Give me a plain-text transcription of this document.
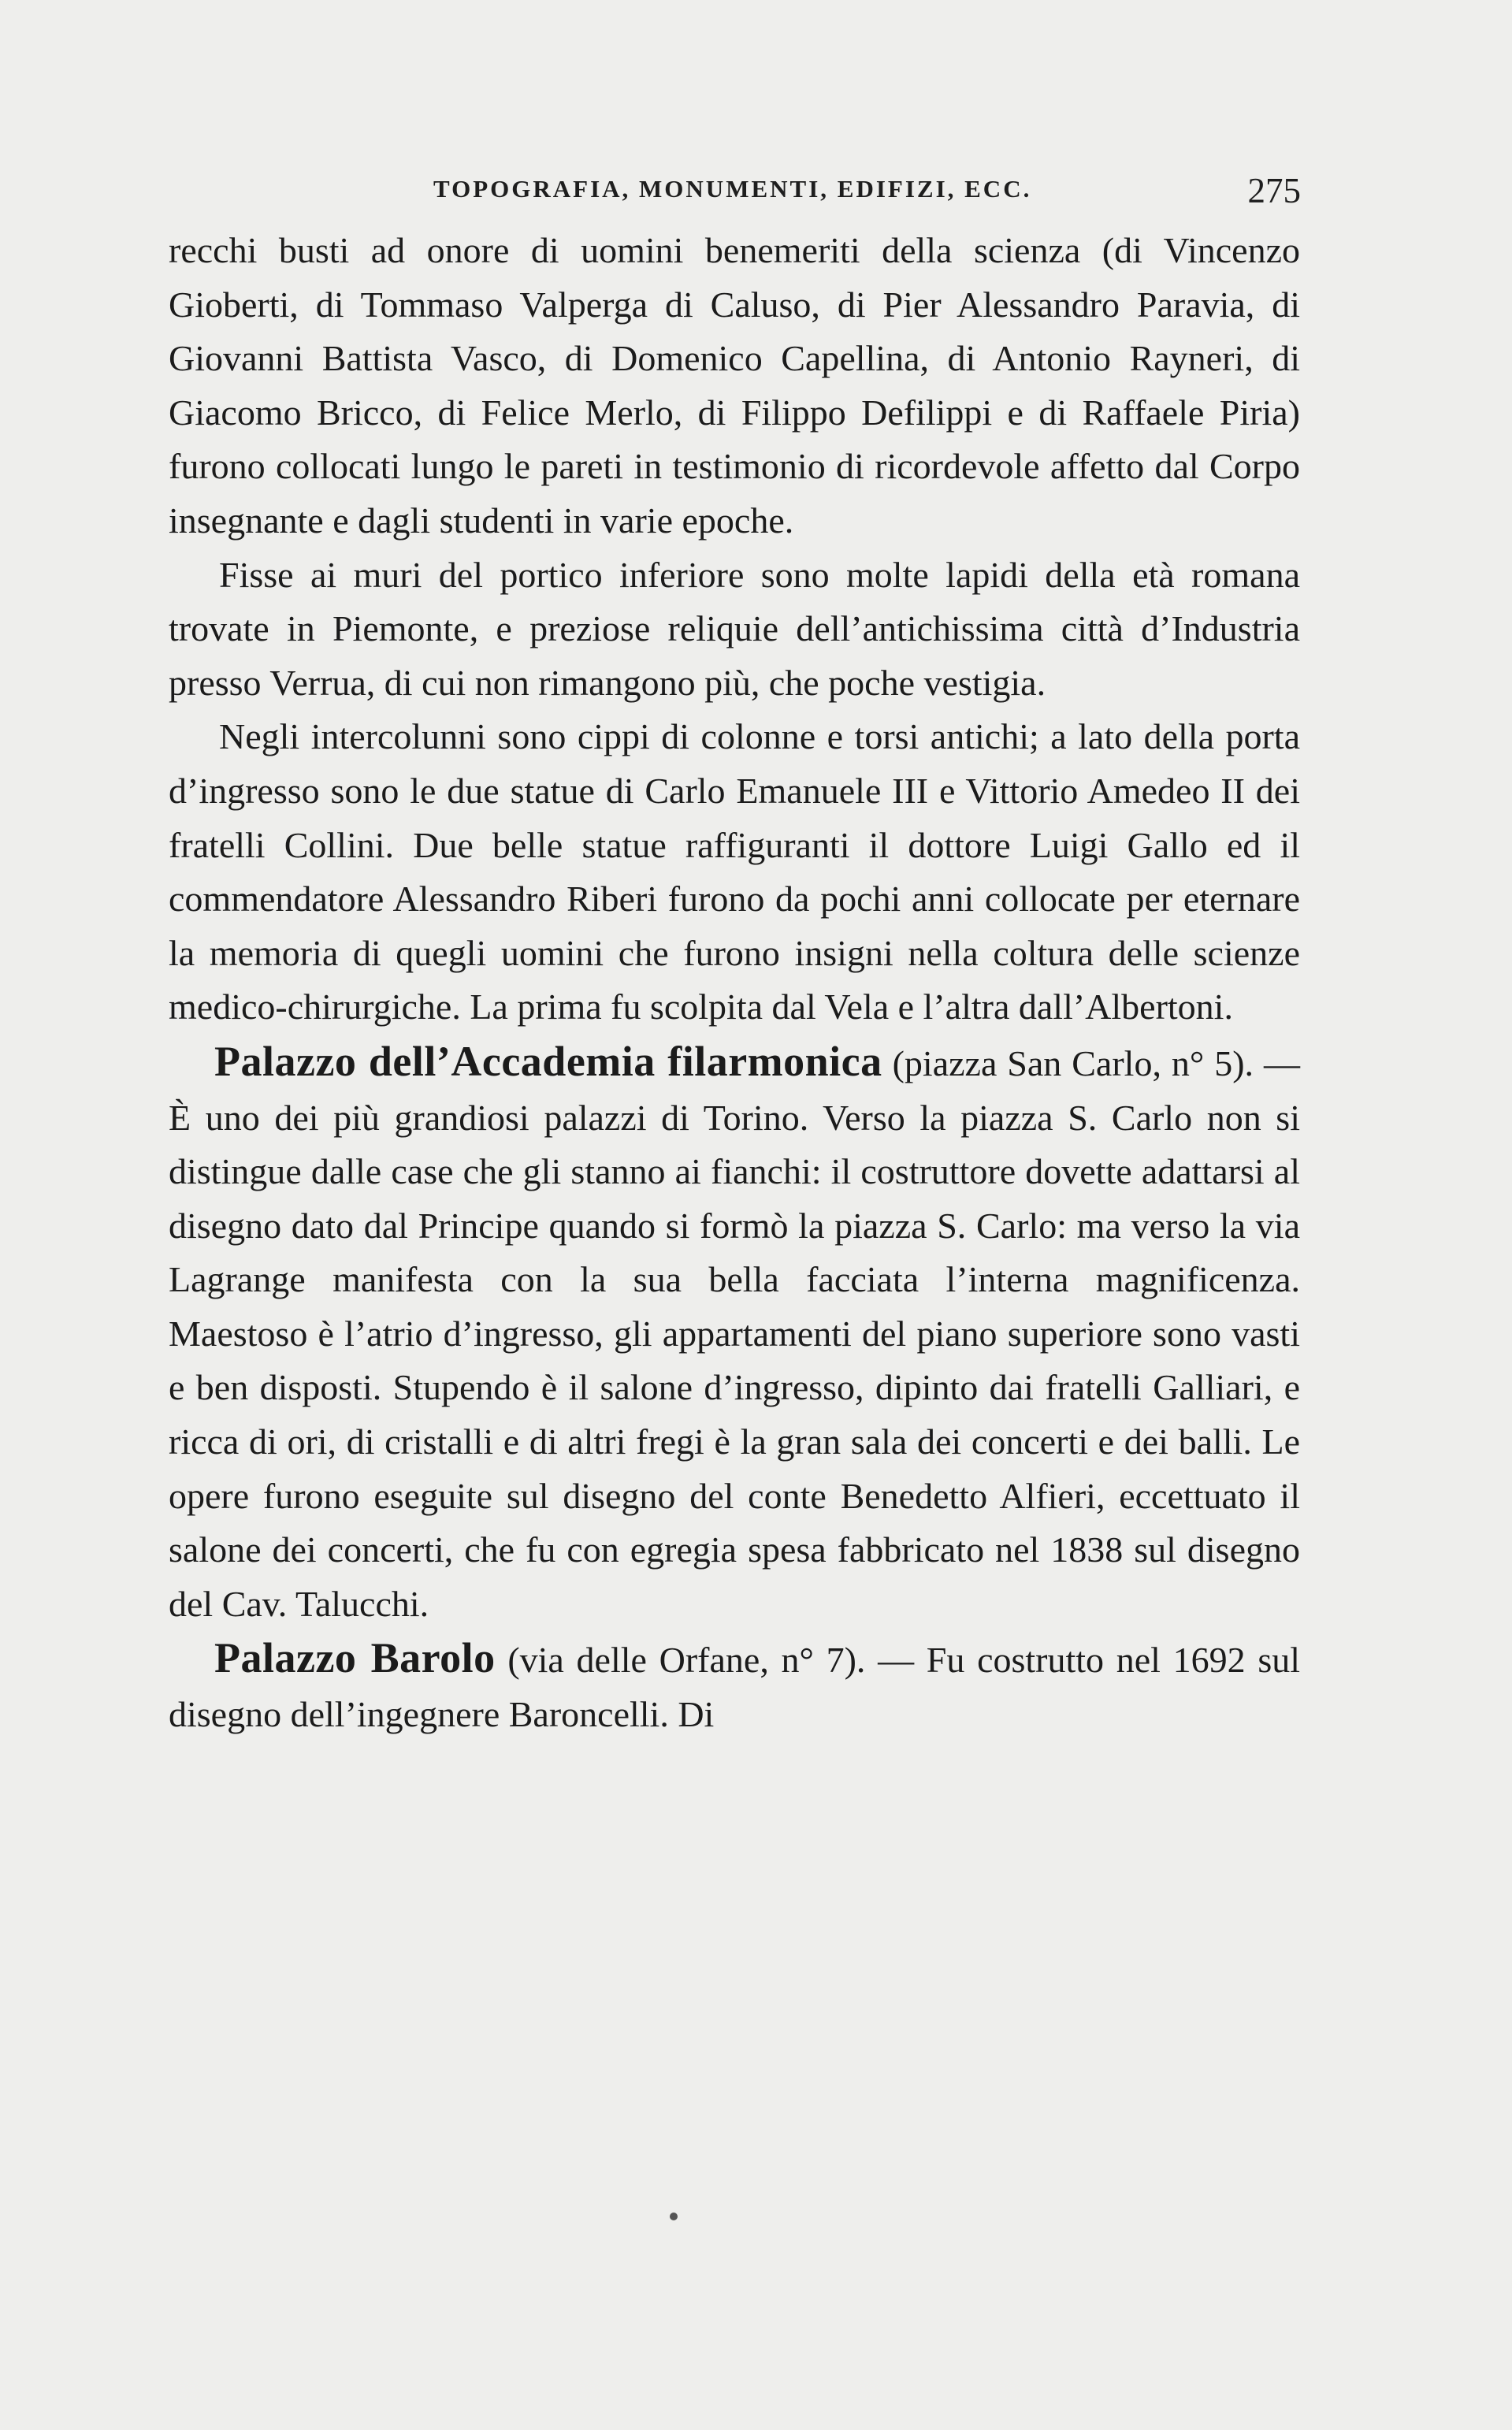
TOPOGRAFIA, MONUMENTI, EDIFIZI, ECC.	275

recchi busti ad onore di uomini benemeriti della scienza (di Vincenzo Gioberti, di Tommaso Valperga di Caluso, di Pier Alessandro Paravia, di Giovanni Battista Vasco, di Domenico Capellina, di Antonio Rayneri, di Giacomo Bricco, di Felice Merlo, di Filippo Defilippi e di Raffaele Piria) furono collocati lungo le pareti in testimonio di ricordevole affetto dal Corpo insegnante e dagli studenti in varie epoche.

Fisse ai muri del portico inferiore sono molte lapidi della età romana trovate in Piemonte, e preziose reliquie dell’antichissima città d’Industria presso Verrua, di cui non rimangono più, che poche vestigia.

Negli intercolunni sono cippi di colonne e torsi antichi; a lato della porta d’ingresso sono le due statue di Carlo Emanuele III e Vittorio Amedeo II dei fratelli Collini. Due belle statue raffiguranti il dottore Luigi Gallo ed il commendatore Alessandro Riberi furono da pochi anni collocate per eternare la memoria di quegli uomini che furono insigni nella coltura delle scienze medico-chirurgiche. La prima fu scolpita dal Vela e l’altra dall’Albertoni.

Palazzo dell’Accademia filarmonica (piazza San Carlo, n° 5). — È uno dei più grandiosi palazzi di Torino. Verso la piazza S. Carlo non si distingue dalle case che gli stanno ai fianchi: il costruttore dovette adattarsi al disegno dato dal Principe quando si formò la piazza S. Carlo: ma verso la via Lagrange manifesta con la sua bella facciata l’interna magnificenza. Maestoso è l’atrio d’ingresso, gli appartamenti del piano superiore sono vasti e ben disposti. Stupendo è il salone d’ingresso, dipinto dai fratelli Galliari, e ricca di ori, di cristalli e di altri fregi è la gran sala dei concerti e dei balli. Le opere furono eseguite sul disegno del conte Benedetto Alfieri, eccettuato il salone dei concerti, che fu con egregia spesa fabbricato nel 1838 sul disegno del Cav. Talucchi.

Palazzo Barolo (via delle Orfane, n° 7). — Fu costrutto nel 1692 sul disegno dell’ingegnere Baroncelli. Di
